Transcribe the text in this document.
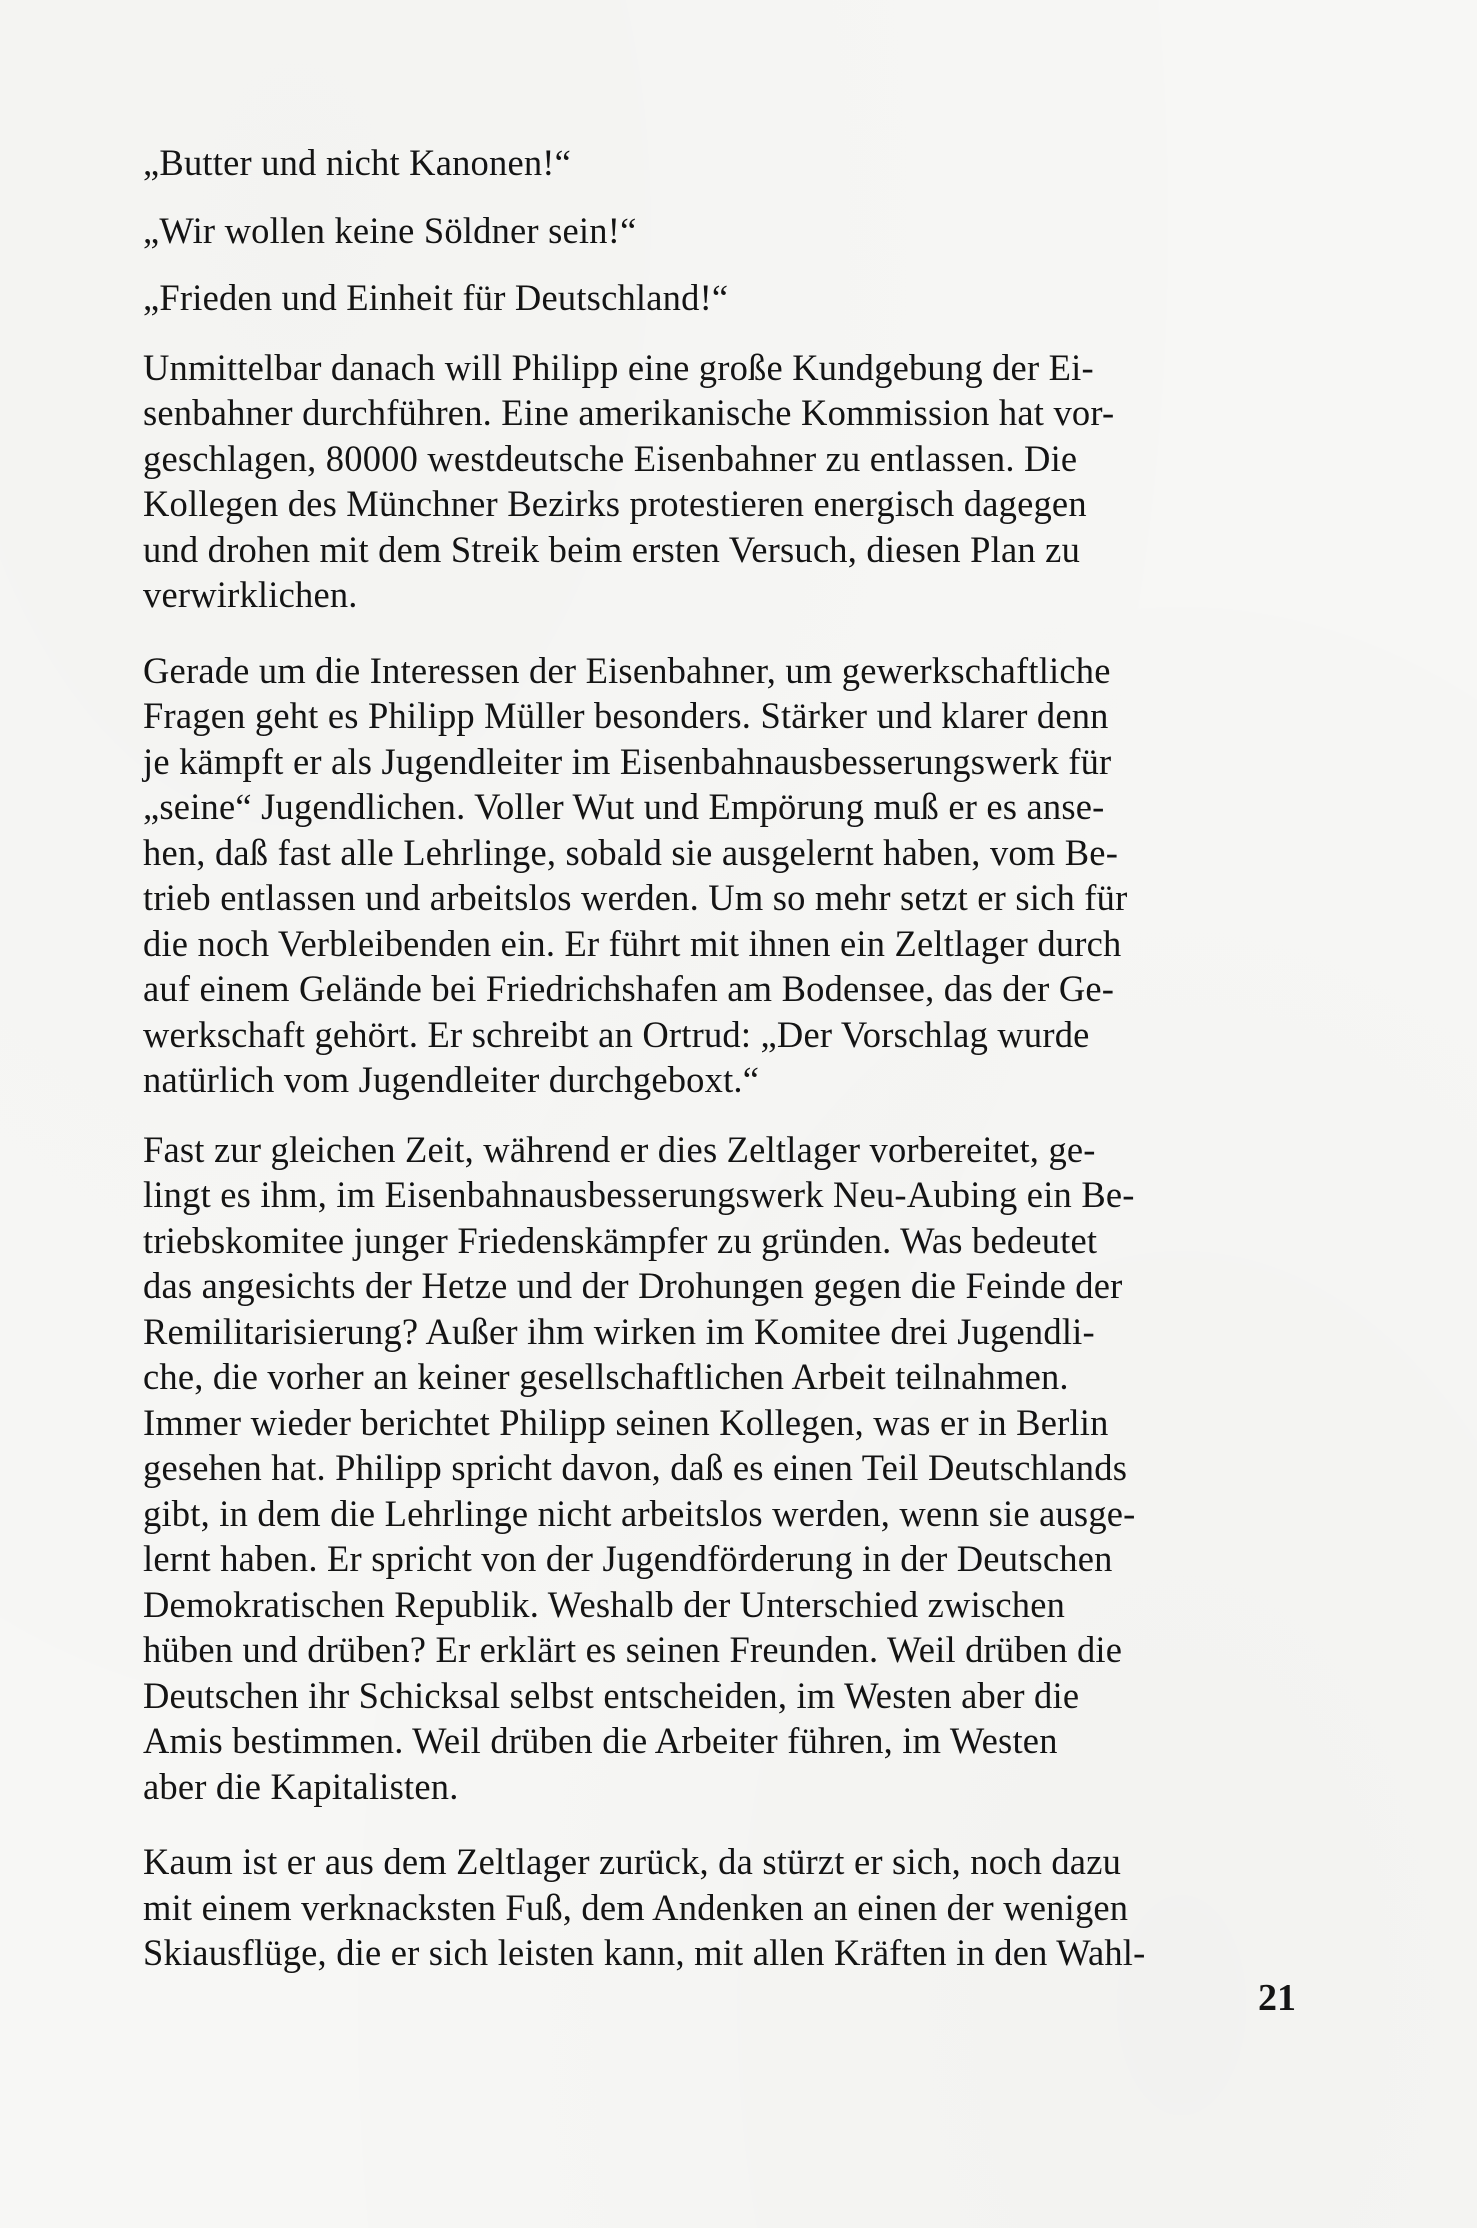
„Butter und nicht Kanonen!“

„Wir wollen keine Söldner sein!“

„Frieden und Einheit für Deutschland!“

Unmittelbar danach will Philipp eine große Kundgebung der Ei-
senbahner durchführen. Eine amerikanische Kommission hat vor-
geschlagen, 80000 westdeutsche Eisenbahner zu entlassen. Die
Kollegen des Münchner Bezirks protestieren energisch dagegen
und drohen mit dem Streik beim ersten Versuch, diesen Plan zu
verwirklichen.

Gerade um die Interessen der Eisenbahner, um gewerkschaftliche
Fragen geht es Philipp Müller besonders. Stärker und klarer denn
je kämpft er als Jugendleiter im Eisenbahnausbesserungswerk für
„seine“ Jugendlichen. Voller Wut und Empörung muß er es anse-
hen, daß fast alle Lehrlinge, sobald sie ausgelernt haben, vom Be-
trieb entlassen und arbeitslos werden. Um so mehr setzt er sich für
die noch Verbleibenden ein. Er führt mit ihnen ein Zeltlager durch
auf einem Gelände bei Friedrichshafen am Bodensee, das der Ge-
werkschaft gehört. Er schreibt an Ortrud: „Der Vorschlag wurde
natürlich vom Jugendleiter durchgeboxt.“

Fast zur gleichen Zeit, während er dies Zeltlager vorbereitet, ge-
lingt es ihm, im Eisenbahnausbesserungswerk Neu-Aubing ein Be-
triebskomitee junger Friedenskämpfer zu gründen. Was bedeutet
das angesichts der Hetze und der Drohungen gegen die Feinde der
Remilitarisierung? Außer ihm wirken im Komitee drei Jugendli-
che, die vorher an keiner gesellschaftlichen Arbeit teilnahmen.
Immer wieder berichtet Philipp seinen Kollegen, was er in Berlin
gesehen hat. Philipp spricht davon, daß es einen Teil Deutschlands
gibt, in dem die Lehrlinge nicht arbeitslos werden, wenn sie ausge-
lernt haben. Er spricht von der Jugendförderung in der Deutschen
Demokratischen Republik. Weshalb der Unterschied zwischen
hüben und drüben? Er erklärt es seinen Freunden. Weil drüben die
Deutschen ihr Schicksal selbst entscheiden, im Westen aber die
Amis bestimmen. Weil drüben die Arbeiter führen, im Westen
aber die Kapitalisten.

Kaum ist er aus dem Zeltlager zurück, da stürzt er sich, noch dazu
mit einem verknacksten Fuß, dem Andenken an einen der wenigen
Skiausflüge, die er sich leisten kann, mit allen Kräften in den Wahl-

21
